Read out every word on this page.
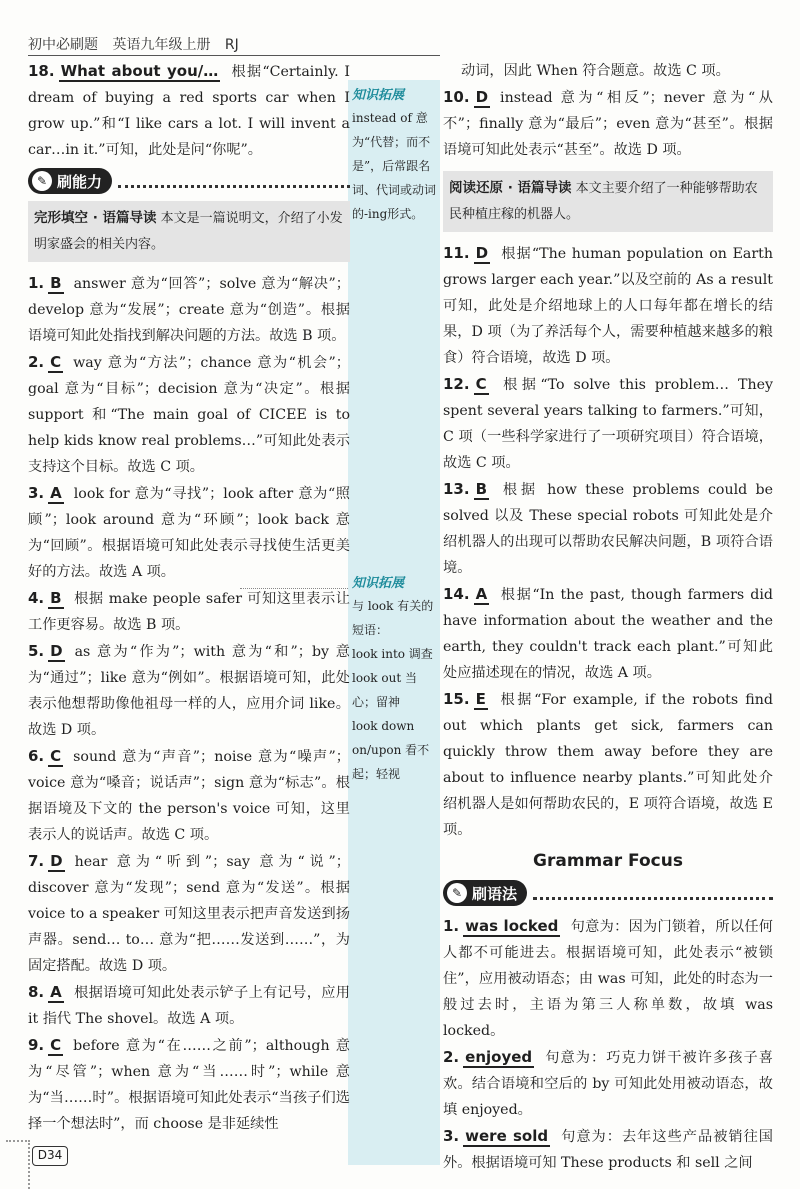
初中必刷题 英语九年级上册 RJ
知识拓展
instead of 意为“代替；而不是”，后常跟名词、代词或动词的-ing形式。
知识拓展
与 look 有关的短语：
look into 调查
look out 当心；留神
look down on/upon 看不起；轻视
18. What about you/… 根据“Certainly. I dream of buying a red sports car when I grow up.”和“I like cars a lot. I will invent a car…in it.”可知，此处是问“你呢”。
✎ 刷能力
完形填空 · 语篇导读 本文是一篇说明文，介绍了小发明家盛会的相关内容。
1. B answer 意为“回答”；solve 意为“解决”；develop 意为“发展”；create 意为“创造”。根据语境可知此处指找到解决问题的方法。故选 B 项。
2. C way 意为“方法”；chance 意为“机会”；goal 意为“目标”；decision 意为“决定”。根据 support 和“The main goal of CICEE is to help kids know real problems…”可知此处表示支持这个目标。故选 C 项。
3. A look for 意为“寻找”；look after 意为“照顾”；look around 意为“环顾”；look back 意为“回顾”。根据语境可知此处表示寻找使生活更美好的方法。故选 A 项。
4. B 根据 make people safer 可知这里表示让工作更容易。故选 B 项。
5. D as 意为“作为”；with 意为“和”；by 意为“通过”；like 意为“例如”。根据语境可知，此处表示他想帮助像他祖母一样的人，应用介词 like。故选 D 项。
6. C sound 意为“声音”；noise 意为“噪声”；voice 意为“嗓音；说话声”；sign 意为“标志”。根据语境及下文的 the person's voice 可知，这里表示人的说话声。故选 C 项。
7. D hear 意为“听到”；say 意为“说”；discover 意为“发现”；send 意为“发送”。根据 voice to a speaker 可知这里表示把声音发送到扬声器。send… to… 意为“把……发送到……”，为固定搭配。故选 D 项。
8. A 根据语境可知此处表示铲子上有记号，应用 it 指代 The shovel。故选 A 项。
9. C before 意为“在……之前”；although 意为“尽管”；when 意为“当……时”；while 意为“当……时”。根据语境可知此处表示“当孩子们选择一个想法时”，而 choose 是非延续性
动词，因此 When 符合题意。故选 C 项。
10. D instead 意为“相反”；never 意为“从不”；finally 意为“最后”；even 意为“甚至”。根据语境可知此处表示“甚至”。故选 D 项。
阅读还原 · 语篇导读 本文主要介绍了一种能够帮助农民种植庄稼的机器人。
11. D 根据“The human population on Earth grows larger each year.”以及空前的 As a result 可知，此处是介绍地球上的人口每年都在增长的结果，D 项（为了养活每个人，需要种植越来越多的粮食）符合语境，故选 D 项。
12. C 根据“To solve this problem… They spent several years talking to farmers.”可知，C 项（一些科学家进行了一项研究项目）符合语境，故选 C 项。
13. B 根据 how these problems could be solved 以及 These special robots 可知此处是介绍机器人的出现可以帮助农民解决问题，B 项符合语境。
14. A 根据“In the past, though farmers did have information about the weather and the earth, they couldn't track each plant.”可知此处应描述现在的情况，故选 A 项。
15. E 根据“For example, if the robots find out which plants get sick, farmers can quickly throw them away before they are about to influence nearby plants.”可知此处介绍机器人是如何帮助农民的，E 项符合语境，故选 E 项。
Grammar Focus
✎ 刷语法
1. was locked 句意为：因为门锁着，所以任何人都不可能进去。根据语境可知，此处表示“被锁住”，应用被动语态；由 was 可知，此处的时态为一般过去时，主语为第三人称单数，故填 was locked。
2. enjoyed 句意为：巧克力饼干被许多孩子喜欢。结合语境和空后的 by 可知此处用被动语态，故填 enjoyed。
3. were sold 句意为：去年这些产品被销往国外。根据语境可知 These products 和 sell 之间
D34
